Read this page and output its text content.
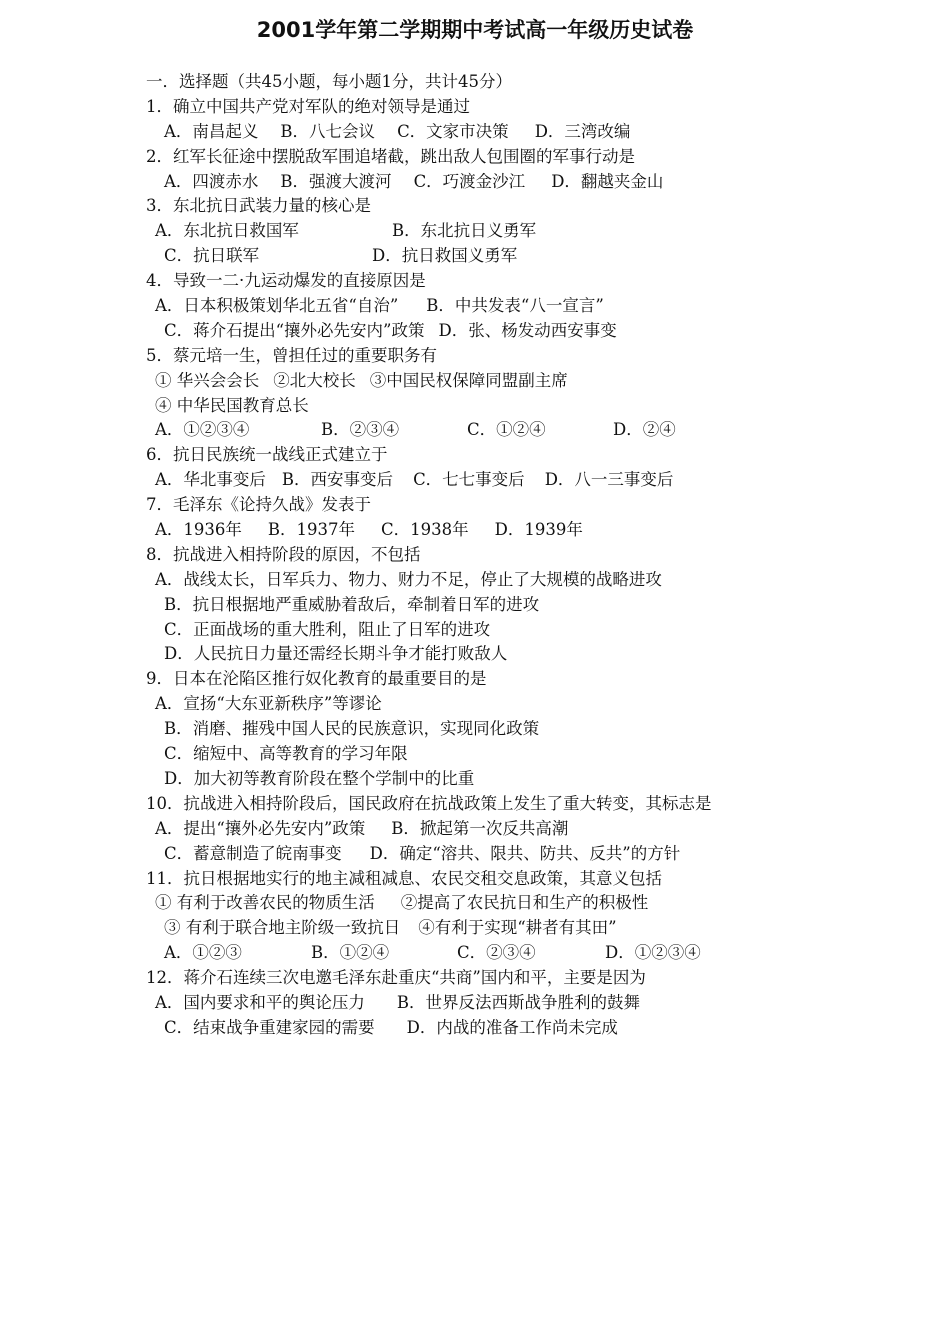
2001学年第二学期期中考试高一年级历史试卷
一．选择题（共45小题，每小题1分，共计45分）
1．确立中国共产党对军队的绝对领导是通过
A．南昌起义 B．八七会议 C．文家市决策 D．三湾改编
2．红军长征途中摆脱敌军围追堵截，跳出敌人包围圈的军事行动是
A．四渡赤水 B．强渡大渡河 C．巧渡金沙江 D．翻越夹金山
3．东北抗日武装力量的核心是
A．东北抗日救国军	B．东北抗日义勇军
C．抗日联军	D．抗日救国义勇军
4．导致一二·九运动爆发的直接原因是
A．日本积极策划华北五省“自治” B．中共发表“八一宣言”
C．蒋介石提出“攘外必先安内”政策 D．张、杨发动西安事变
5．蔡元培一生，曾担任过的重要职务有
① 华兴会会长 ②北大校长 ③中国民权保障同盟副主席
④ 中华民国教育总长
A．①②③④	B．②③④	C．①②④	D．②④
6．抗日民族统一战线正式建立于
A．华北事变后 B．西安事变后 C．七七事变后 D．八一三事变后
7．毛泽东《论持久战》发表于
A．1936年 B．1937年 C．1938年 D．1939年
8．抗战进入相持阶段的原因，不包括
A．战线太长，日军兵力、物力、财力不足，停止了大规模的战略进攻
B．抗日根据地严重威胁着敌后，牵制着日军的进攻
C．正面战场的重大胜利，阻止了日军的进攻
D．人民抗日力量还需经长期斗争才能打败敌人
9．日本在沦陷区推行奴化教育的最重要目的是
A．宣扬“大东亚新秩序”等谬论
B．消磨、摧残中国人民的民族意识，实现同化政策
C．缩短中、高等教育的学习年限
D．加大初等教育阶段在整个学制中的比重
10．抗战进入相持阶段后，国民政府在抗战政策上发生了重大转变，其标志是
A．提出“攘外必先安内”政策 B．掀起第一次反共高潮
C．蓄意制造了皖南事变 D．确定“溶共、限共、防共、反共”的方针
11．抗日根据地实行的地主减租减息、农民交租交息政策，其意义包括
① 有利于改善农民的物质生活 ②提高了农民抗日和生产的积极性
③ 有利于联合地主阶级一致抗日 ④有利于实现“耕者有其田”
A．①②③	B．①②④	C．②③④	D．①②③④
12．蒋介石连续三次电邀毛泽东赴重庆“共商”国内和平，主要是因为
A．国内要求和平的舆论压力 B．世界反法西斯战争胜利的鼓舞
C．结束战争重建家园的需要 D．内战的准备工作尚未完成
